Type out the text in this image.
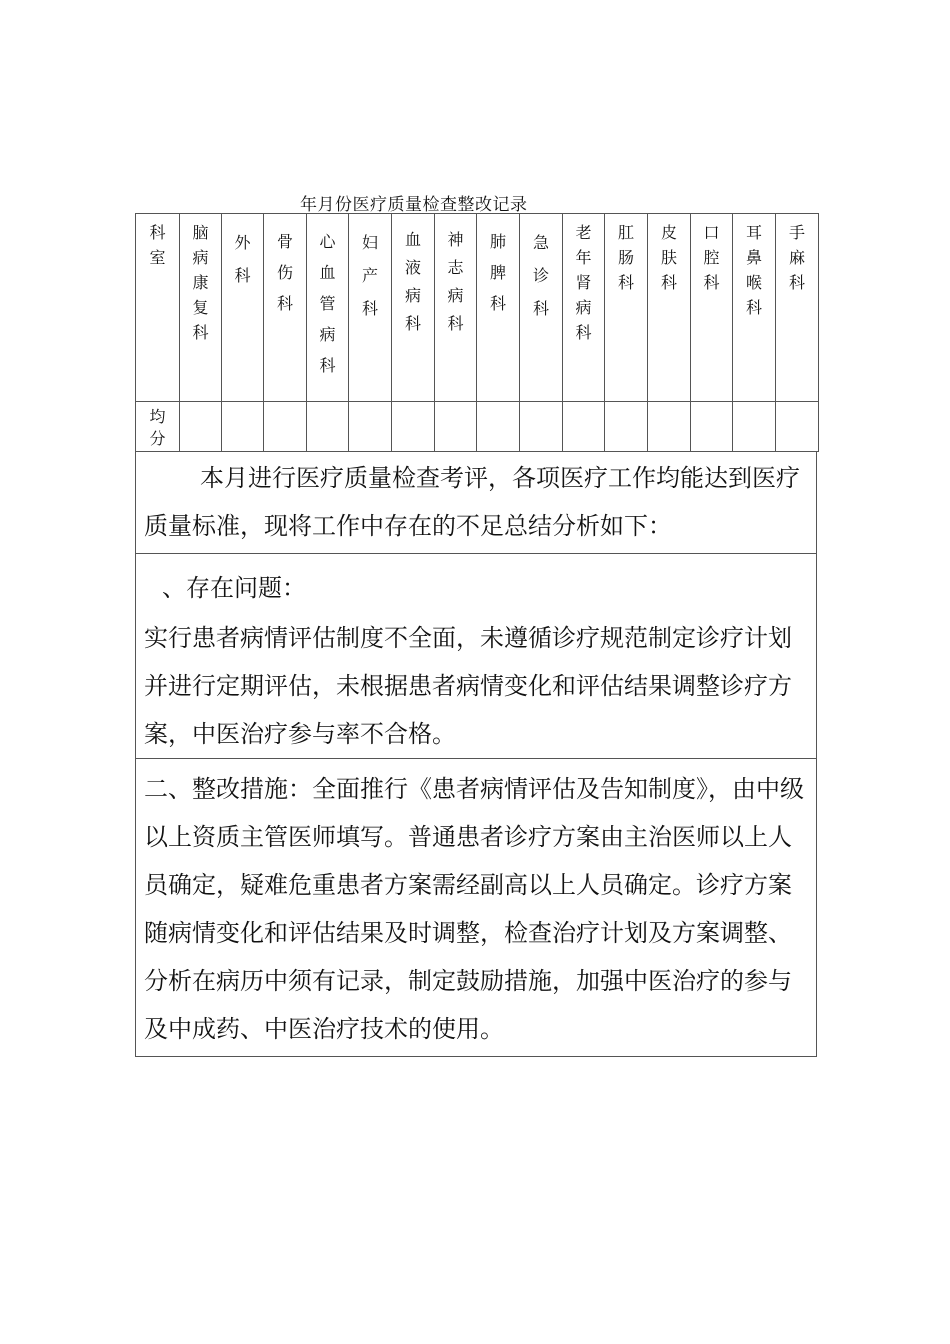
年月份医疗质量检查整改记录
科室	脑病康复科	外科	骨伤科	心血管病科	妇产科	血液病科	神志病科	肺脾科	急诊科	老年肾病科	肛肠科	皮肤科	口腔科	耳鼻喉科	手麻科
均分															

本月进行医疗质量检查考评，各项医疗工作均能达到医疗质量标准，现将工作中存在的不足总结分析如下：

、存在问题：

实行患者病情评估制度不全面，未遵循诊疗规范制定诊疗计划并进行定期评估，未根据患者病情变化和评估结果调整诊疗方案，中医治疗参与率不合格。

二、整改措施：全面推行《患者病情评估及告知制度》，由中级以上资质主管医师填写。普通患者诊疗方案由主治医师以上人员确定，疑难危重患者方案需经副高以上人员确定。诊疗方案随病情变化和评估结果及时调整，检查治疗计划及方案调整、分析在病历中须有记录，制定鼓励措施，加强中医治疗的参与及中成药、中医治疗技术的使用。
